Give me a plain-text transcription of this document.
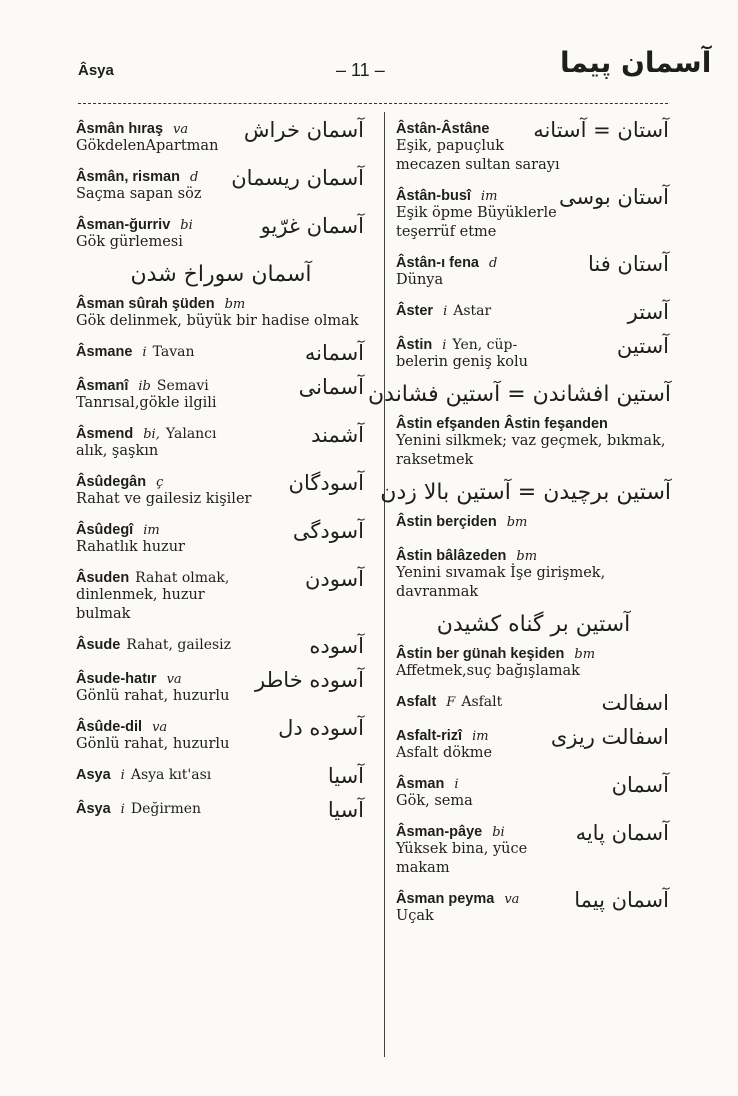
Âsya	– 11 –	آسمان پیما
Âsmân hıraş va
GökdelenApartman
آسمان خراش
Âsmân, risman d
Saçma sapan söz
آسمان ریسمان
Âsman-ğurriv bi
Gök gürlemesi
آسمان غرّیو
آسمان سوراخ شدن
Âsman sûrah şüden bm
Gök delinmek, büyük bir hadise olmak
Âsmane i Tavan	آسمانه
Âsmanî ib Semavi
Tanrısal,gökle ilgili
آسمانی
Âsmend bi, Yalancı
alık, şaşkın
آشمند
Âsûdegân ç
Rahat ve gailesiz kişiler
آسودگان
Âsûdegî im
Rahatlık huzur
آسودگی
Âsuden Rahat olmak,
dinlenmek, huzur bulmak
آسودن
Âsude Rahat, gailesiz	آسوده
Âsude-hatır va
Gönlü rahat, huzurlu
آسوده خاطر
Âsûde-dil va
Gönlü rahat, huzurlu
آسوده دل
Asya i Asya kıt'ası	آسیا
Âsya i Değirmen	آسیا
Âstân-Âstâne
Eşik, papuçluk mecazen sultan sarayı
آستان = آستانه
Âstân-busî im
Eşik öpme Büyüklerle teşerrüf etme
آستان بوسی
Âstân-ı fena d
Dünya
آستان فنا
Âster i Astar	آستر
Âstin i Yen, cüp-
belerin geniş kolu
آستین
آستین افشاندن = آستین فشاندن
Âstin efşanden Âstin feşanden
Yenini silkmek; vaz geçmek, bıkmak, raksetmek
آستین برچیدن = آستین بالا زدن
Âstin berçiden bm
Âstin bâlâzeden bm
Yenini sıvamak İşe girişmek, davranmak
آستین بر گناه کشیدن
Âstin ber günah keşiden bm
Affetmek,suç bağışlamak
Asfalt F Asfalt	اسفالت
Asfalt-rizî im
Asfalt dökme
اسفالت ریزی
Âsman i
Gök, sema
آسمان
Âsman-pâye bi
Yüksek bina, yüce makam
آسمان پایه
Âsman peyma va
Uçak
آسمان پیما
